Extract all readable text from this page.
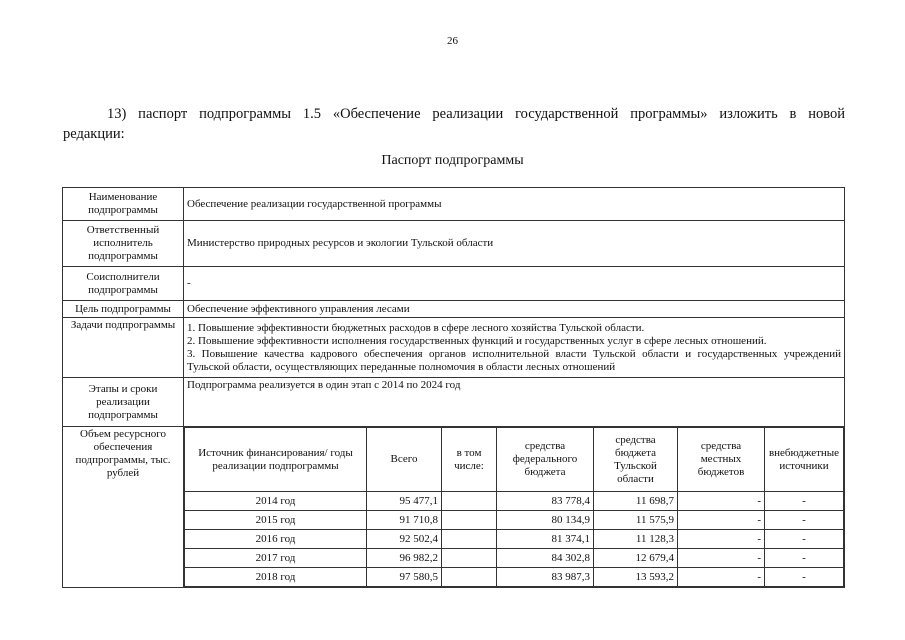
26
13) паспорт подпрограммы 1.5 «Обеспечение реализации государственной программы» изложить в новой редакции:
Паспорт подпрограммы
Наименование подпрограммы	Обеспечение реализации государственной программы
Ответственный исполнитель подпрограммы	Министерство природных ресурсов и экологии Тульской области
Соисполнители подпрограммы	-
Цель подпрограммы	Обеспечение эффективного управления лесами
Задачи подпрограммы	1. Повышение эффективности бюджетных расходов в сфере лесного хозяйства Тульской области.
2. Повышение эффективности исполнения государственных функций и государственных услуг в сфере лесных отношений.
3. Повышение качества кадрового обеспечения органов исполнительной власти Тульской области и государственных учреждений Тульской области, осуществляющих переданные полномочия в области лесных отношений

Этапы и сроки реализации подпрограммы	Подпрограмма реализуется в один этап с 2014 по 2024 год
Объем ресурсного обеспечения подпрограммы, тыс. рублей	
Источник финансирования/ годы реализации подпрограммы	Всего	в том числе:	средства федерального бюджета	средства бюджета Тульской области	средства местных бюджетов	внебюджетные источники
2014 год	95 477,1		83 778,4	11 698,7	-	-
2015 год	91 710,8		80 134,9	11 575,9	-	-
2016 год	92 502,4		81 374,1	11 128,3	-	-
2017 год	96 982,2		84 302,8	12 679,4	-	-
2018 год	97 580,5		83 987,3	13 593,2	-	-
